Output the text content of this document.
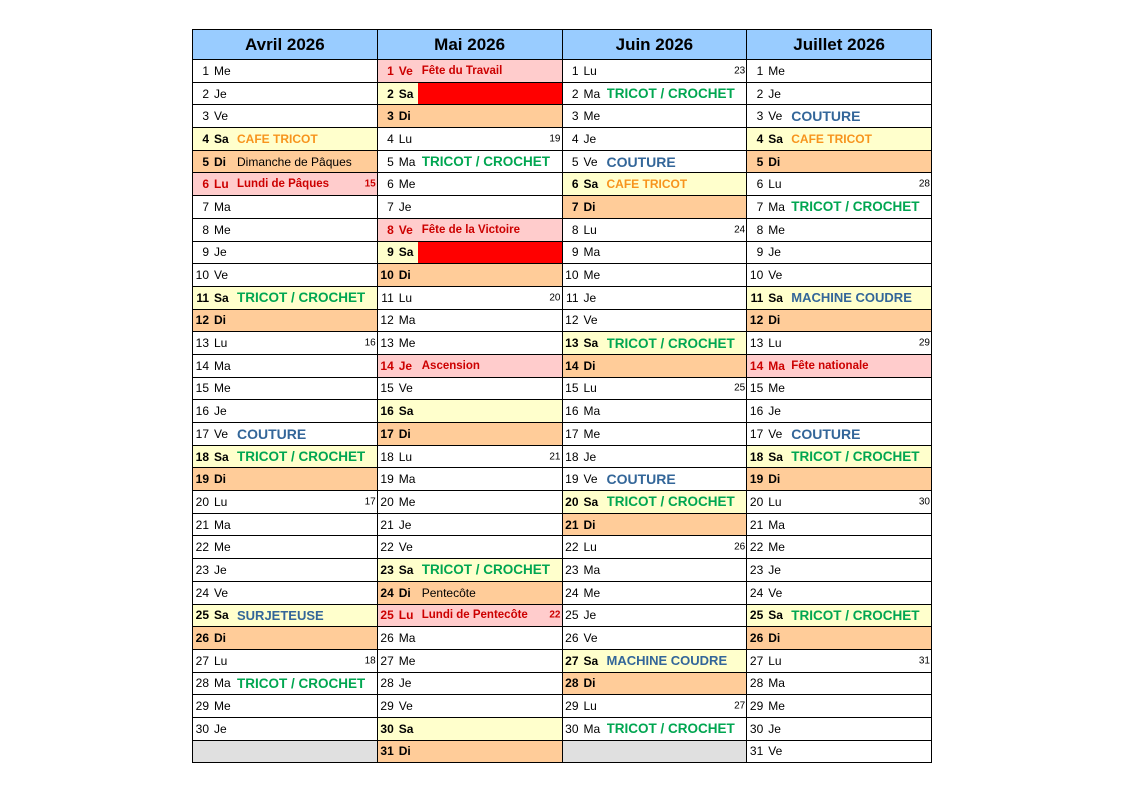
Avril 2026	Mai 2026	Juin 2026	Juillet 2026

1 Me	1 Ve Fête du Travail	1 Lu 23	1 Me

2 Je	2 Sa	2 Ma TRICOT / CROCHET	2 Je

3 Ve	3 Di	3 Me	3 Ve COUTURE

4 Sa CAFE TRICOT	4 Lu 19	4 Je	4 Sa CAFE TRICOT

5 Di Dimanche de Pâques	5 Ma TRICOT / CROCHET	5 Ve COUTURE	5 Di

6 Lu Lundi de Pâques 15	6 Me	6 Sa CAFE TRICOT	6 Lu 28

7 Ma	7 Je	7 Di	7 Ma TRICOT / CROCHET

8 Me	8 Ve Fête de la Victoire	8 Lu 24	8 Me

9 Je	9 Sa	9 Ma	9 Je

10 Ve	10 Di	10 Me	10 Ve

11 Sa TRICOT / CROCHET	11 Lu 20	11 Je	11 Sa MACHINE COUDRE

12 Di	12 Ma	12 Ve	12 Di

13 Lu 16	13 Me	13 Sa TRICOT / CROCHET	13 Lu 29

14 Ma	14 Je Ascension	14 Di	14 Ma Fête nationale

15 Me	15 Ve	15 Lu 25	15 Me

16 Je	16 Sa	16 Ma	16 Je

17 Ve COUTURE	17 Di	17 Me	17 Ve COUTURE

18 Sa TRICOT / CROCHET	18 Lu 21	18 Je	18 Sa TRICOT / CROCHET

19 Di	19 Ma	19 Ve COUTURE	19 Di

20 Lu 17	20 Me	20 Sa TRICOT / CROCHET	20 Lu 30

21 Ma	21 Je	21 Di	21 Ma

22 Me	22 Ve	22 Lu 26	22 Me

23 Je	23 Sa TRICOT / CROCHET	23 Ma	23 Je

24 Ve	24 Di Pentecôte	24 Me	24 Ve

25 Sa SURJETEUSE	25 Lu Lundi de Pentecôte 22	25 Je	25 Sa TRICOT / CROCHET

26 Di	26 Ma	26 Ve	26 Di

27 Lu 18	27 Me	27 Sa MACHINE COUDRE	27 Lu 31

28 Ma TRICOT / CROCHET	28 Je	28 Di	28 Ma

29 Me	29 Ve	29 Lu 27	29 Me

30 Je	30 Sa	30 Ma TRICOT / CROCHET	30 Je

	31 Di		31 Ve
